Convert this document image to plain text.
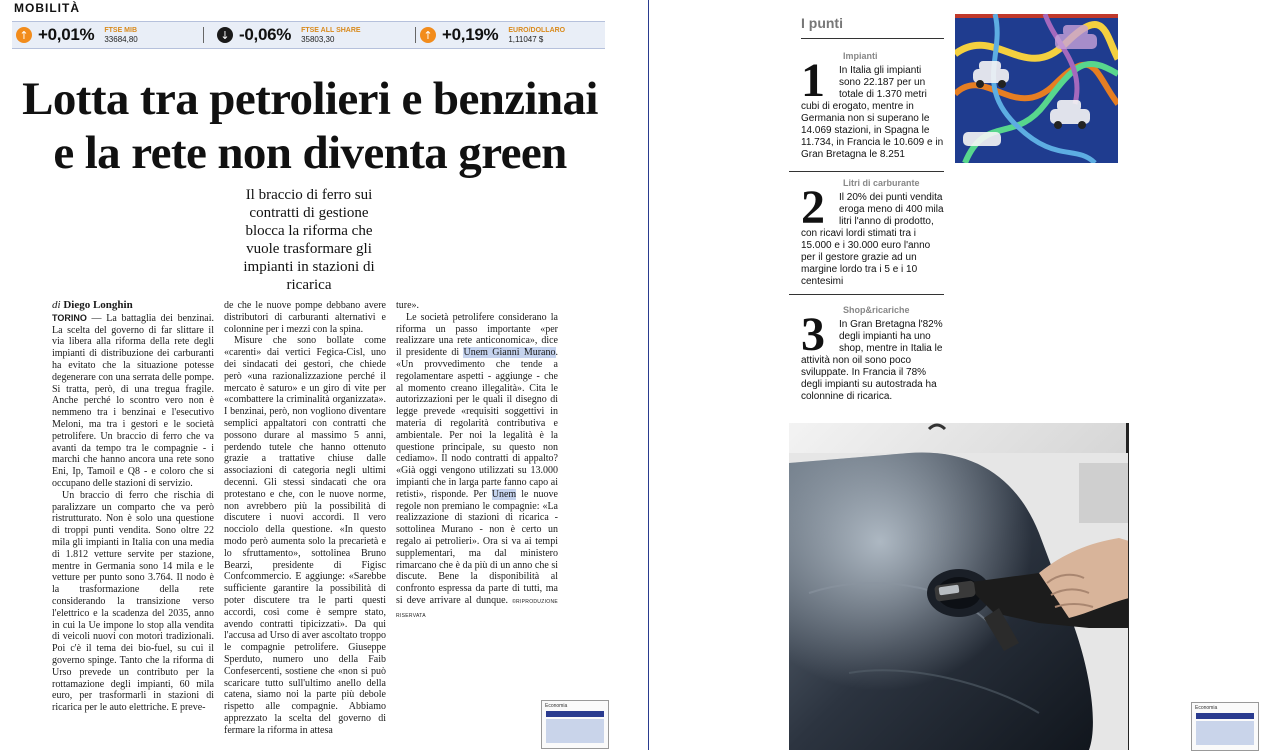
MOBILITÀ
↑ +0,01% FTSE MIB
33684,80	↓ -0,06% FTSE ALL SHARE
35803,30	↑ +0,19% EURO/DOLLARO
1,11047 $
Lotta tra petrolieri e benzinai
e la rete non diventa green
Il braccio di ferro sui contratti di gestione blocca la riforma che vuole trasformare gli impianti in stazioni di ricarica
di Diego Longhin

TORINO — La battaglia dei benzinai. La scelta del governo di far slittare il via libera alla riforma della rete degli impianti di distribuzione dei carburanti ha evitato che la situazione potesse degenerare con una serrata delle pompe. Si tratta, però, di una tregua fragile. Anche perché lo scontro vero non è nemmeno tra i benzinai e l'esecutivo Meloni, ma tra i gestori e le società petrolifere. Un braccio di ferro che va avanti da tempo tra le compagnie - i marchi che hanno ancora una rete sono Eni, Ip, Tamoil e Q8 - e coloro che si occupano delle stazioni di servizio.

Un braccio di ferro che rischia di paralizzare un comparto che va però ristrutturato. Non è solo una questione di troppi punti vendita. Sono oltre 22 mila gli impianti in Italia con una media di 1.812 vetture servite per stazione, mentre in Germania sono 14 mila e le vetture per punto sono 3.764. Il nodo è la trasformazione della rete considerando la transizione verso l'elettrico e la scadenza del 2035, anno in cui la Ue impone lo stop alla vendita di veicoli nuovi con motori tradizionali. Poi c'è il tema dei bio-fuel, su cui il governo spinge. Tanto che la riforma di Urso prevede un contributo per la rottamazione degli impianti, 60 mila euro, per trasformarli in stazioni di ricarica per le auto elettriche. E preve-

de che le nuove pompe debbano avere distributori di carburanti alternativi e colonnine per i mezzi con la spina.

Misure che sono bollate come «carenti» dai vertici Fegica-Cisl, uno dei sindacati dei gestori, che chiede però «una razionalizzazione perché il mercato è saturo» e un giro di vite per «combattere la criminalità organizzata». I benzinai, però, non vogliono diventare semplici appaltatori con contratti che possono durare al massimo 5 anni, perdendo tutele che hanno ottenuto grazie a trattative chiuse dalle associazioni di categoria negli ultimi decenni. Gli stessi sindacati che ora protestano e che, con le nuove norme, non avrebbero più la possibilità di discutere i nuovi accordi. Il vero nocciolo della questione. «In questo modo però aumenta solo la precarietà e lo sfruttamento», sottolinea Bruno Bearzi, presidente di Figisc Confcommercio. E aggiunge: «Sarebbe sufficiente garantire la possibilità di poter discutere tra le parti questi accordi, così come è sempre stato, avendo contratti tipicizzati». Da qui l'accusa ad Urso di aver ascoltato troppo le compagnie petrolifere. Giuseppe Sperduto, numero uno della Faib Confesercenti, sostiene che «non si può scaricare tutto sull'ultimo anello della catena, siamo noi la parte più debole rispetto alle compagnie. Abbiamo apprezzato la scelta del governo di fermare la riforma in attesa

ture».

Le società petrolifere considerano la riforma un passo importante «per realizzare una rete anticonomica», dice il presidente di Unem Gianni Murano. «Un provvedimento che tende a regolamentare aspetti - aggiunge - che al momento creano illegalità». Cita le autorizzazioni per le quali il disegno di legge prevede «requisiti soggettivi in materia di regolarità contributiva e ambientale. Per noi la legalità è la questione principale, su questo non cediamo». Il nodo contratti di appalto? «Già oggi vengono utilizzati su 13.000 impianti che in larga parte fanno capo ai retisti», risponde. Per Unem le nuove regole non premiano le compagnie: «La realizzazione di stazioni di ricarica - sottolinea Murano - non è certo un regalo ai petrolieri». Ora si va ai tempi supplementari, ma dal ministero rimarcano che è da più di un anno che si discute. Bene la disponibilità al confronto espressa da parte di tutti, ma si deve arrivare al dunque. ©RIPRODUZIONE RISERVATA

Economia
I punti
Impianti
1	In Italia gli impianti sono 22.187 per un totale di 1.370 metri cubi di erogato, mentre in Germania non si superano le 14.069 stazioni, in Spagna le 11.734, in Francia le 10.609 e in Gran Bretagna le 8.251
Litri di carburante
2	Il 20% dei punti vendita eroga meno di 400 mila litri l'anno di prodotto, con ricavi lordi stimati tra i 15.000 e i 30.000 euro l'anno per il gestore grazie ad un margine lordo tra i 5 e i 10 centesimi
Shop&ricariche
3	In Gran Bretagna l'82% degli impianti ha uno shop, mentre in Italia le attività non oil sono poco sviluppate. In Francia il 78% degli impianti su autostrada ha colonnine di ricarica.
Economia
